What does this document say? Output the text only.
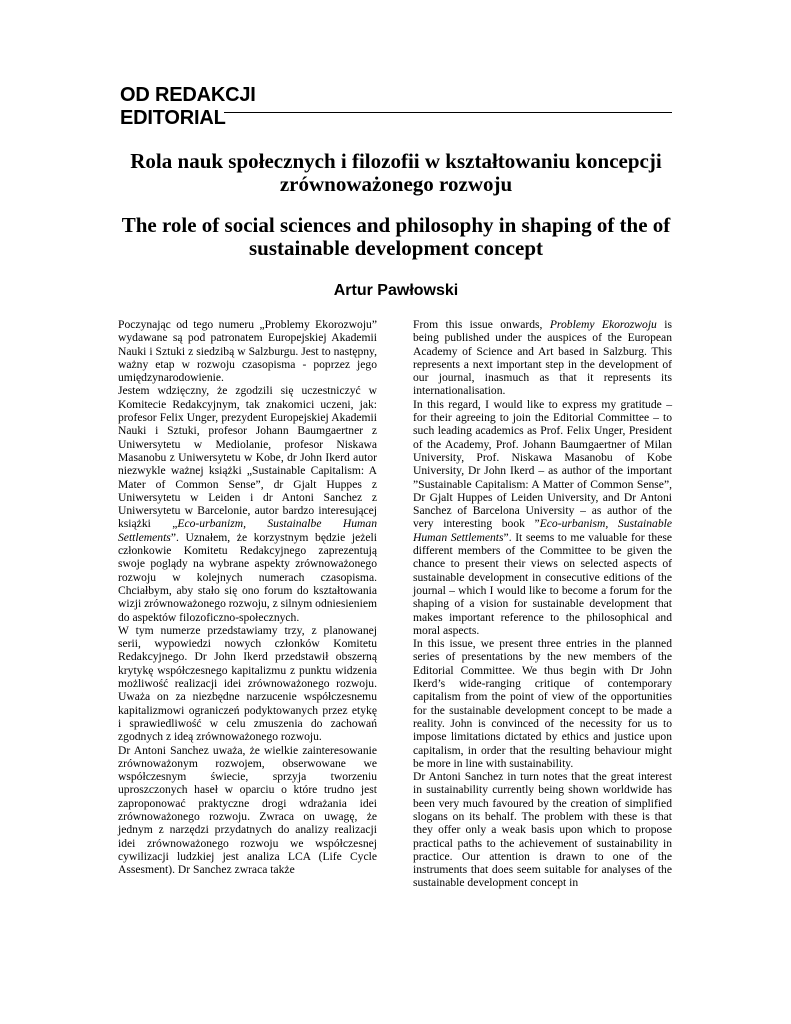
OD REDAKCJI
EDITORIAL
Rola nauk społecznych i filozofii w kształtowaniu koncepcji zrównoważonego rozwoju
The role of social sciences and philosophy in shaping of the of sustainable development concept
Artur Pawłowski

Poczynając od tego numeru „Problemy Ekorozwoju” wydawane są pod patronatem Europejskiej Akademii Nauki i Sztuki z siedzibą w Salzburgu. Jest to następny, ważny etap w rozwoju czasopisma - poprzez jego umiędzynarodowienie.

Jestem wdzięczny, że zgodzili się uczestniczyć w Komitecie Redakcyjnym, tak znakomici uczeni, jak: profesor Felix Unger, prezydent Europejskiej Akademii Nauki i Sztuki, profesor Johann Baumgaertner z Uniwersytetu w Mediolanie, profesor Niskawa Masanobu z Uniwersytetu w Kobe, dr John Ikerd autor niezwykle ważnej książki „Sustainable Capitalism: A Mater of Common Sense”, dr Gjalt Huppes z Uniwersytetu w Leiden i dr Antoni Sanchez z Uniwersytetu w Barcelonie, autor bardzo interesującej książki „Eco-urbanizm, Sustainalbe Human Settlements”. Uznałem, że korzystnym będzie jeżeli członkowie Komitetu Redakcyjnego zaprezentują swoje poglądy na wybrane aspekty zrównoważonego rozwoju w kolejnych numerach czasopisma. Chciałbym, aby stało się ono forum do kształtowania wizji zrównoważonego rozwoju, z silnym odniesieniem do aspektów filozoficzno-społecznych.

W tym numerze przedstawiamy trzy, z planowanej serii, wypowiedzi nowych członków Komitetu Redakcyjnego. Dr John Ikerd przedstawił obszerną krytykę współczesnego kapitalizmu z punktu widzenia możliwość realizacji idei zrównoważonego rozwoju. Uważa on za niezbędne narzucenie współczesnemu kapitalizmowi ograniczeń podyktowanych przez etykę i sprawiedliwość w celu zmuszenia do zachowań zgodnych z ideą zrównoważonego rozwoju.

Dr Antoni Sanchez uważa, że wielkie zainteresowanie zrównoważonym rozwojem, obserwowane we współczesnym świecie, sprzyja tworzeniu uproszczonych haseł w oparciu o które trudno jest zaproponować praktyczne drogi wdrażania idei zrównoważonego rozwoju. Zwraca on uwagę, że jednym z narzędzi przydatnych do analizy realizacji idei zrównoważonego rozwoju we współczesnej cywilizacji ludzkiej jest analiza LCA (Life Cycle Assesment). Dr Sanchez zwraca także

From this issue onwards, Problemy Ekorozwoju is being published under the auspices of the European Academy of Science and Art based in Salzburg. This represents a next important step in the development of our journal, inasmuch as that it represents its internationalisation.

In this regard, I would like to express my gratitude – for their agreeing to join the Editorial Committee – to such leading academics as Prof. Felix Unger, President of the Academy, Prof. Johann Baumgaertner of Milan University, Prof. Niskawa Masanobu of Kobe University, Dr John Ikerd – as author of the important ”Sustainable Capitalism: A Matter of Common Sense”, Dr Gjalt Huppes of Leiden University, and Dr Antoni Sanchez of Barcelona University – as author of the very interesting book ”Eco-urbanism, Sustainable Human Settlements”. It seems to me valuable for these different members of the Committee to be given the chance to present their views on selected aspects of sustainable development in consecutive editions of the journal – which I would like to become a forum for the shaping of a vision for sustainable development that makes important reference to the philosophical and moral aspects.

In this issue, we present three entries in the planned series of presentations by the new members of the Editorial Committee. We thus begin with Dr John Ikerd’s wide-ranging critique of contemporary capitalism from the point of view of the opportunities for the sustainable development concept to be made a reality. John is convinced of the necessity for us to impose limitations dictated by ethics and justice upon capitalism, in order that the resulting behaviour might be more in line with sustainability.

Dr Antoni Sanchez in turn notes that the great interest in sustainability currently being shown worldwide has been very much favoured by the creation of simplified slogans on its behalf. The problem with these is that they offer only a weak basis upon which to propose practical paths to the achievement of sustainability in practice. Our attention is drawn to one of the instruments that does seem suitable for analyses of the sustainable development concept in
